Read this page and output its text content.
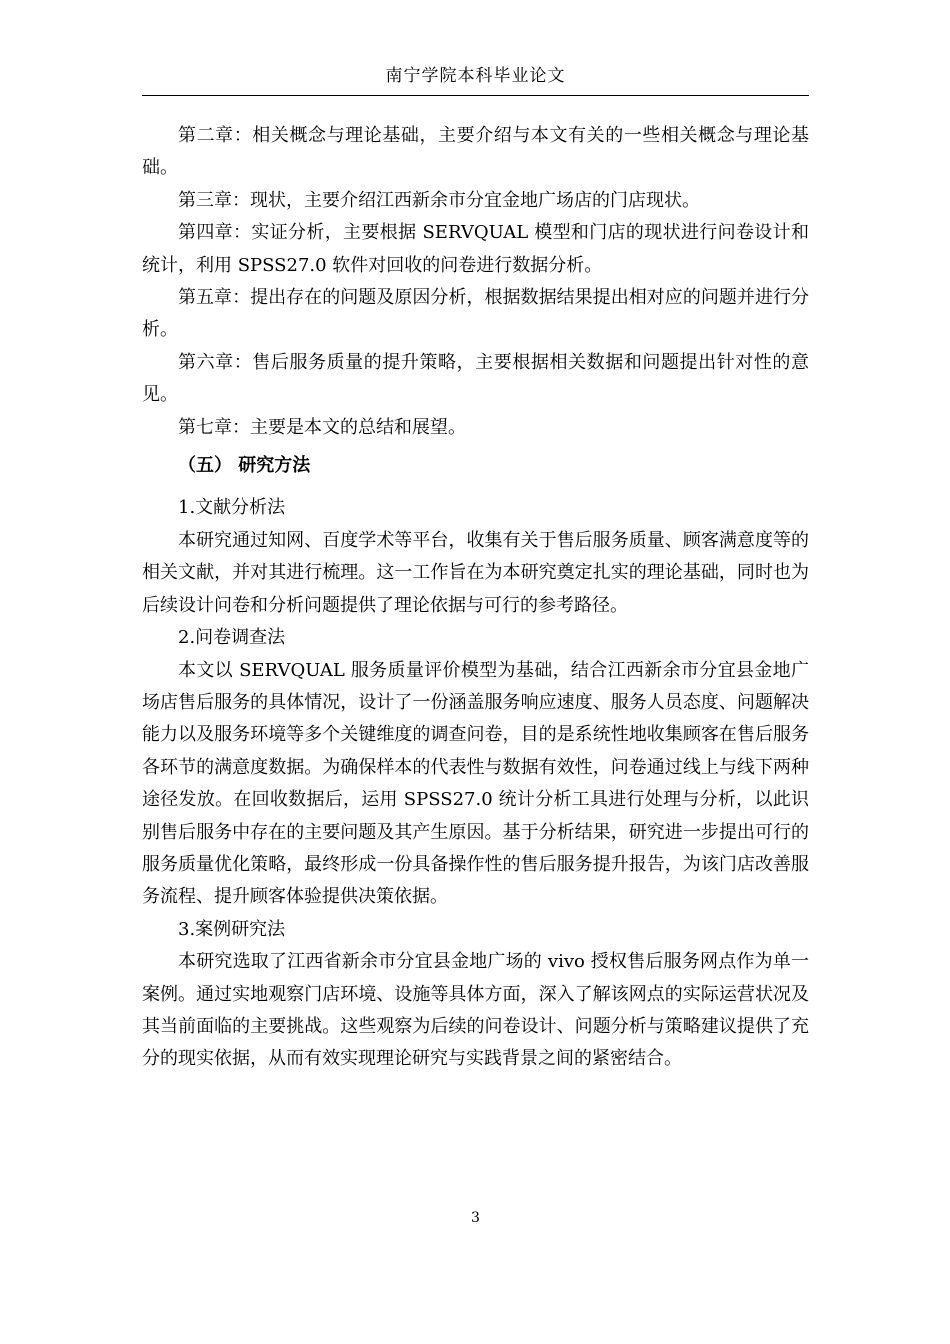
南宁学院本科毕业论文

第二章：相关概念与理论基础，主要介绍与本文有关的一些相关概念与理论基础。

第三章：现状，主要介绍江西新余市分宜金地广场店的门店现状。

第四章：实证分析，主要根据 SERVQUAL 模型和门店的现状进行问卷设计和统计，利用 SPSS27.0 软件对回收的问卷进行数据分析。

第五章：提出存在的问题及原因分析，根据数据结果提出相对应的问题并进行分析。

第六章：售后服务质量的提升策略，主要根据相关数据和问题提出针对性的意见。

第七章：主要是本文的总结和展望。

（五） 研究方法

1.文献分析法

本研究通过知网、百度学术等平台，收集有关于售后服务质量、顾客满意度等的相关文献，并对其进行梳理。这一工作旨在为本研究奠定扎实的理论基础，同时也为后续设计问卷和分析问题提供了理论依据与可行的参考路径。

2.问卷调查法

本文以 SERVQUAL 服务质量评价模型为基础，结合江西新余市分宜县金地广场店售后服务的具体情况，设计了一份涵盖服务响应速度、服务人员态度、问题解决能力以及服务环境等多个关键维度的调查问卷，目的是系统性地收集顾客在售后服务各环节的满意度数据。为确保样本的代表性与数据有效性，问卷通过线上与线下两种途径发放。在回收数据后，运用 SPSS27.0 统计分析工具进行处理与分析，以此识别售后服务中存在的主要问题及其产生原因。基于分析结果，研究进一步提出可行的服务质量优化策略，最终形成一份具备操作性的售后服务提升报告，为该门店改善服务流程、提升顾客体验提供决策依据。

3.案例研究法

本研究选取了江西省新余市分宜县金地广场的 vivo 授权售后服务网点作为单一案例。通过实地观察门店环境、设施等具体方面，深入了解该网点的实际运营状况及其当前面临的主要挑战。这些观察为后续的问卷设计、问题分析与策略建议提供了充分的现实依据，从而有效实现理论研究与实践背景之间的紧密结合。

3
